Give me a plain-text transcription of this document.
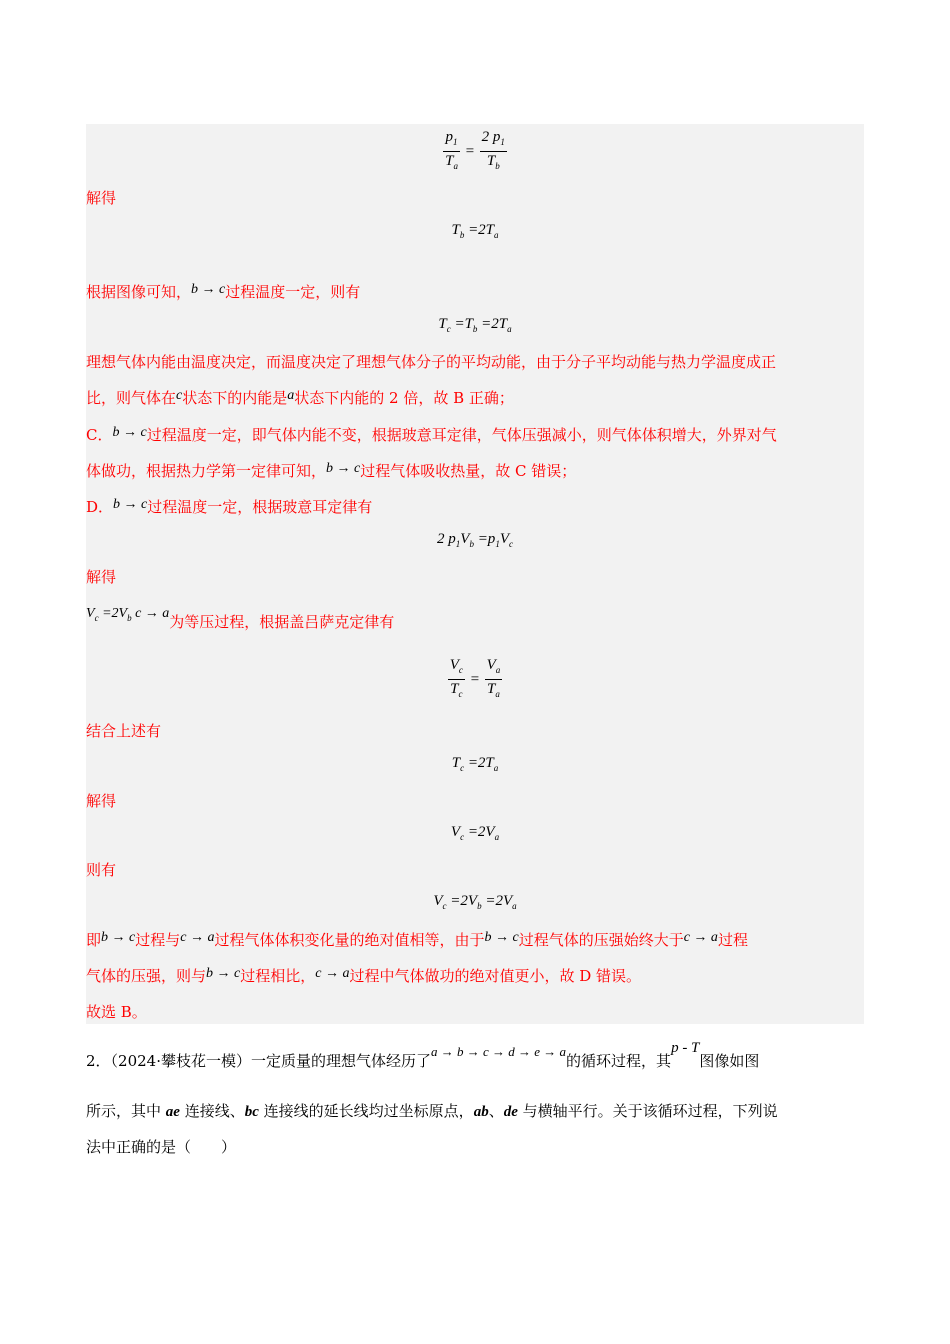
$\frac{p_1}{T_a} = \frac{2 p_1}{T_b}$
解得
$T_b =2T_a$
根据图像可知，b → c过程温度一定，则有
$T_c =T_b =2T_a$
理想气体内能由温度决定，而温度决定了理想气体分子的平均动能，由于分子平均动能与热力学温度成正
比，则气体在c状态下的内能是a状态下内能的 2 倍，故 B 正确；
C．b → c过程温度一定，即气体内能不变，根据玻意耳定律，气体压强减小，则气体体积增大，外界对气
体做功，根据热力学第一定律可知，b → c过程气体吸收热量，故 C 错误；
D．b → c过程温度一定，根据玻意耳定律有
2 $p_1V_b =p_1V_c$
解得
$V_c =2V_b$ c → a为等压过程，根据盖吕萨克定律有
$\frac{V_c}{T_c} = \frac{V_a}{T_a}$
结合上述有
$T_c =2T_a$
解得
$V_c =2V_a$
则有
$V_c =2V_b =2V_a$
即b → c过程与c → a过程气体体积变化量的绝对值相等，由于b → c过程气体的压强始终大于c → a过程
气体的压强，则与b → c过程相比，c → a过程中气体做功的绝对值更小，故 D 错误。
故选 B。
2．（2024·攀枝花一模）一定质量的理想气体经历了a → b → c → d → e → a的循环过程，其p - T图像如图
所示，其中 ae 连接线、bc 连接线的延长线均过坐标原点，ab、de 与横轴平行。关于该循环过程，下列说
法中正确的是（　　）
